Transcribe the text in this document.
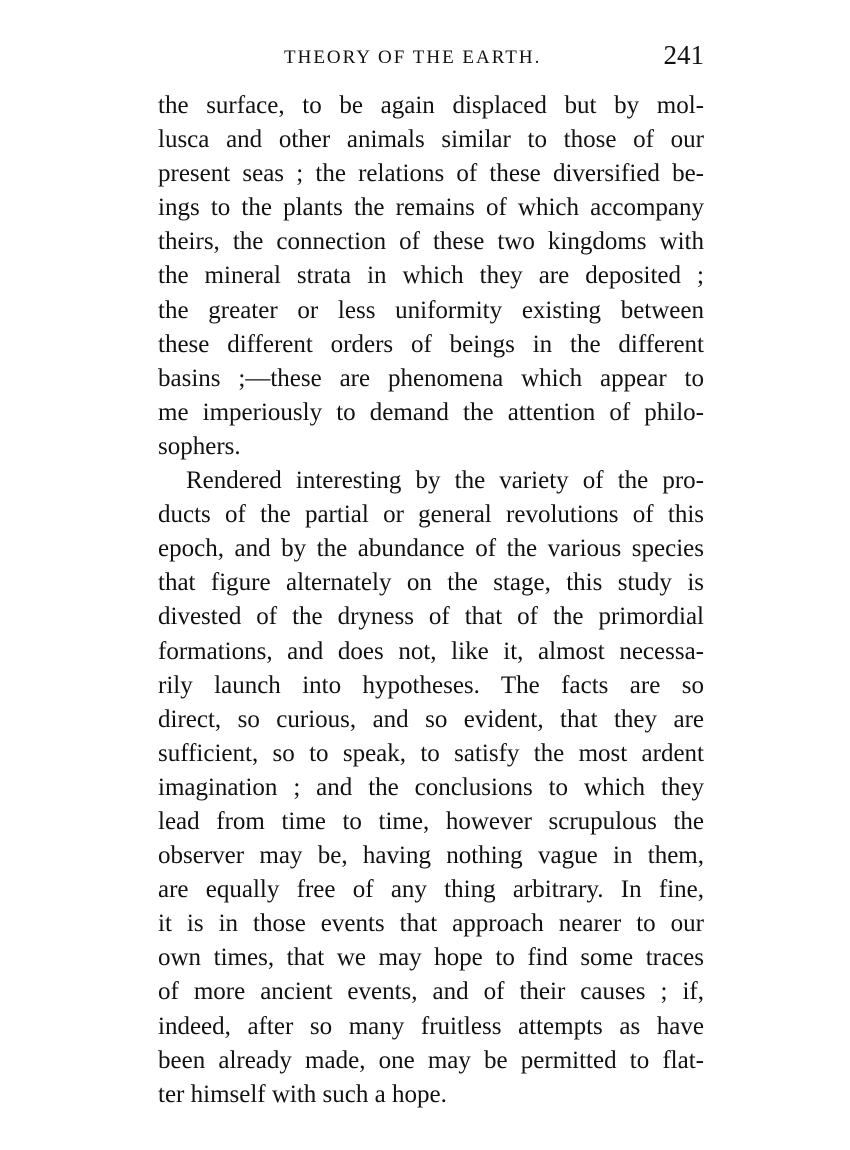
THEORY OF THE EARTH.	241
the surface, to be again displaced but by mol-
lusca and other animals similar to those of our
present seas ; the relations of these diversified be-
ings to the plants the remains of which accompany
theirs, the connection of these two kingdoms with
the mineral strata in which they are deposited ;
the greater or less uniformity existing between
these different orders of beings in the different
basins ;—these are phenomena which appear to
me imperiously to demand the attention of philo-
sophers.
Rendered interesting by the variety of the pro-
ducts of the partial or general revolutions of this
epoch, and by the abundance of the various species
that figure alternately on the stage, this study is
divested of the dryness of that of the primordial
formations, and does not, like it, almost necessa-
rily launch into hypotheses. The facts are so
direct, so curious, and so evident, that they are
sufficient, so to speak, to satisfy the most ardent
imagination ; and the conclusions to which they
lead from time to time, however scrupulous the
observer may be, having nothing vague in them,
are equally free of any thing arbitrary. In fine,
it is in those events that approach nearer to our
own times, that we may hope to find some traces
of more ancient events, and of their causes ; if,
indeed, after so many fruitless attempts as have
been already made, one may be permitted to flat-
ter himself with such a hope.
